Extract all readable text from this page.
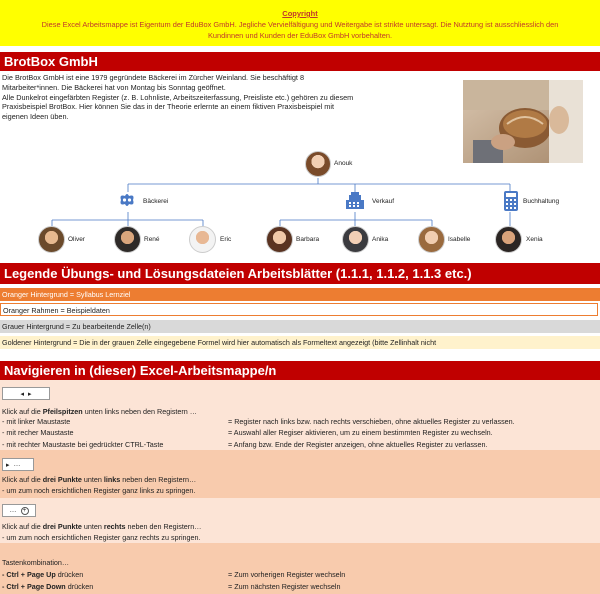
Copyright
Diese Excel Arbeitsmappe ist Eigentum der EduBox GmbH. Jegliche Vervielfältigung und Weitergabe ist strikte untersagt. Die Nutztung ist ausschliesslich den Kundinnen und Kunden der EduBox GmbH vorbehalten.
BrotBox GmbH
Die BrotBox GmbH ist eine 1979 gegründete Bäckerei im Zürcher Weinland. Sie beschäftigt 8
Mitarbeiter*innen. Die Bäckerei hat von Montag bis Sonntag geöffnet.
Alle Dunkelrot eingefärbten Register (z. B. Lohnliste, Arbeitszeiterfassung, Preisliste etc.) gehören zu diesem
Praxisbeispiel BrotBox. Hier können Sie das in der Theorie erlernte an einem fiktiven Praxisbeispiel mit
eigenen Ideen üben.
Anouk
Bäckerei	Verkauf	Buchhaltung
Oliver	René	Eric	Barbara	Anika	Isabelle	Xenia
Legende Übungs- und Lösungsdateien Arbeitsblätter (1.1.1, 1.1.2, 1.1.3 etc.)
Oranger Hintergrund = Syllabus Lernziel
Oranger Rahmen = Beispieldaten
Grauer Hintergrund = Zu bearbeitende Zelle(n)
Goldener Hintergrund = Die in der grauen Zelle eingegebene Formel wird hier automatisch als Formeltext angezeigt (bitte Zellinhalt nicht
Navigieren in (dieser) Excel-Arbeitsmappe/n
◂ ▸
Klick auf die Pfeilspitzen unten links neben den Registern …
- mit linker Maustaste	= Register nach links bzw. nach rechts verschieben, ohne aktuelles Register zu verlassen.
- mit recher Maustaste	= Auswahl aller Regiser aktivieren, um zu einem bestimmten Register zu wechseln.
- mit rechter Maustaste bei gedrückter CTRL-Taste	= Anfang bzw. Ende der Register anzeigen, ohne aktuelles Register zu verlassen.
▸ …
Klick auf die drei Punkte unten links neben den Registern…
- um zum noch ersichtlichen Register ganz links zu springen.
…	+
Klick auf die drei Punkte unten rechts neben den Registern…
- um zum noch ersichtlichen Register ganz rechts zu springen.
Tastenkombination…
- Ctrl + Page Up drücken	= Zum vorherigen Register wechseln
- Ctrl + Page Down drücken	= Zum nächsten Register wechseln
